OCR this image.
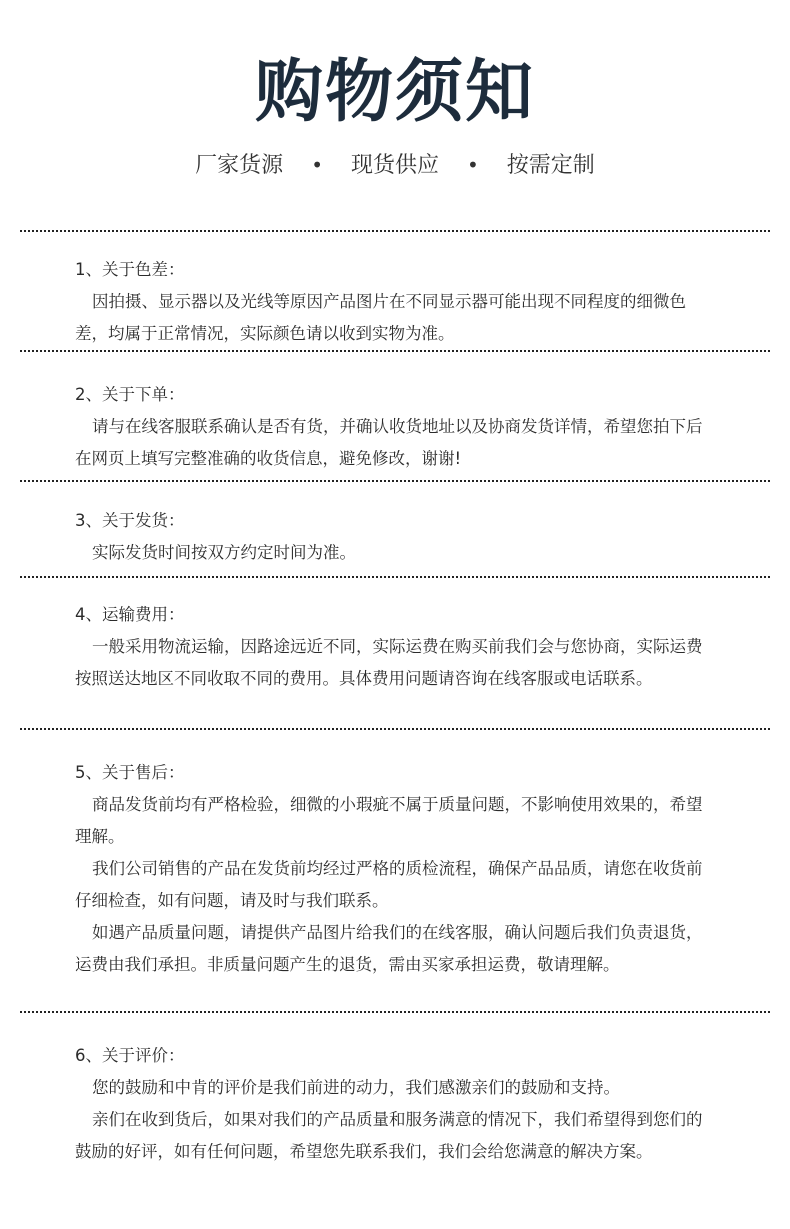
购物须知
厂家货源 • 现货供应 • 按需定制
1、关于色差：

因拍摄、显示器以及光线等原因产品图片在不同显示器可能出现不同程度的细微色差，均属于正常情况，实际颜色请以收到实物为准。

2、关于下单：

请与在线客服联系确认是否有货，并确认收货地址以及协商发货详情，希望您拍下后在网页上填写完整准确的收货信息，避免修改，谢谢!

3、关于发货：

实际发货时间按双方约定时间为准。

4、运输费用：

一般采用物流运输，因路途远近不同，实际运费在购买前我们会与您协商，实际运费按照送达地区不同收取不同的费用。具体费用问题请咨询在线客服或电话联系。

5、关于售后：

商品发货前均有严格检验，细微的小瑕疵不属于质量问题，不影响使用效果的，希望理解。

我们公司销售的产品在发货前均经过严格的质检流程，确保产品品质，请您在收货前仔细检查，如有问题，请及时与我们联系。

如遇产品质量问题，请提供产品图片给我们的在线客服，确认问题后我们负责退货，运费由我们承担。非质量问题产生的退货，需由买家承担运费，敬请理解。

6、关于评价：

您的鼓励和中肯的评价是我们前进的动力，我们感激亲们的鼓励和支持。

亲们在收到货后，如果对我们的产品质量和服务满意的情况下，我们希望得到您们的鼓励的好评，如有任何问题，希望您先联系我们，我们会给您满意的解决方案。
